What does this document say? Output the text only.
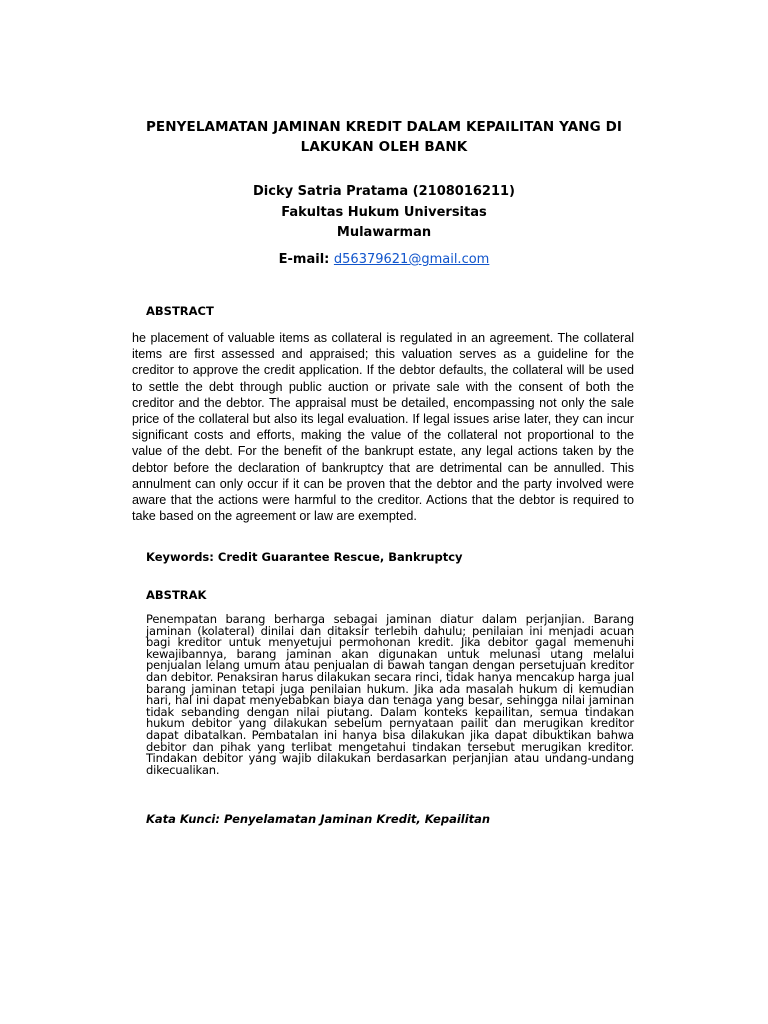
PENYELAMATAN JAMINAN KREDIT DALAM KEPAILITAN YANG DI
LAKUKAN OLEH BANK
Dicky Satria Pratama (2108016211)
Fakultas Hukum Universitas
Mulawarman
E-mail: d56379621@gmail.com
ABSTRACT
he placement of valuable items as collateral is regulated in an agreement. The collateral items are first assessed and appraised; this valuation serves as a guideline for the creditor to approve the credit application. If the debtor defaults, the collateral will be used to settle the debt through public auction or private sale with the consent of both the creditor and the debtor. The appraisal must be detailed, encompassing not only the sale price of the collateral but also its legal evaluation. If legal issues arise later, they can incur significant costs and efforts, making the value of the collateral not proportional to the value of the debt. For the benefit of the bankrupt estate, any legal actions taken by the debtor before the declaration of bankruptcy that are detrimental can be annulled. This annulment can only occur if it can be proven that the debtor and the party involved were aware that the actions were harmful to the creditor. Actions that the debtor is required to take based on the agreement or law are exempted.
Keywords: Credit Guarantee Rescue, Bankruptcy
ABSTRAK
Penempatan barang berharga sebagai jaminan diatur dalam perjanjian. Barang jaminan (kolateral) dinilai dan ditaksir terlebih dahulu; penilaian ini menjadi acuan bagi kreditor untuk menyetujui permohonan kredit. Jika debitor gagal memenuhi kewajibannya, barang jaminan akan digunakan untuk melunasi utang melalui penjualan lelang umum atau penjualan di bawah tangan dengan persetujuan kreditor dan debitor. Penaksiran harus dilakukan secara rinci, tidak hanya mencakup harga jual barang jaminan tetapi juga penilaian hukum. Jika ada masalah hukum di kemudian hari, hal ini dapat menyebabkan biaya dan tenaga yang besar, sehingga nilai jaminan tidak sebanding dengan nilai piutang. Dalam konteks kepailitan, semua tindakan hukum debitor yang dilakukan sebelum pernyataan pailit dan merugikan kreditor dapat dibatalkan. Pembatalan ini hanya bisa dilakukan jika dapat dibuktikan bahwa debitor dan pihak yang terlibat mengetahui tindakan tersebut merugikan kreditor. Tindakan debitor yang wajib dilakukan berdasarkan perjanjian atau undang-undang dikecualikan.
Kata Kunci: Penyelamatan Jaminan Kredit, Kepailitan
